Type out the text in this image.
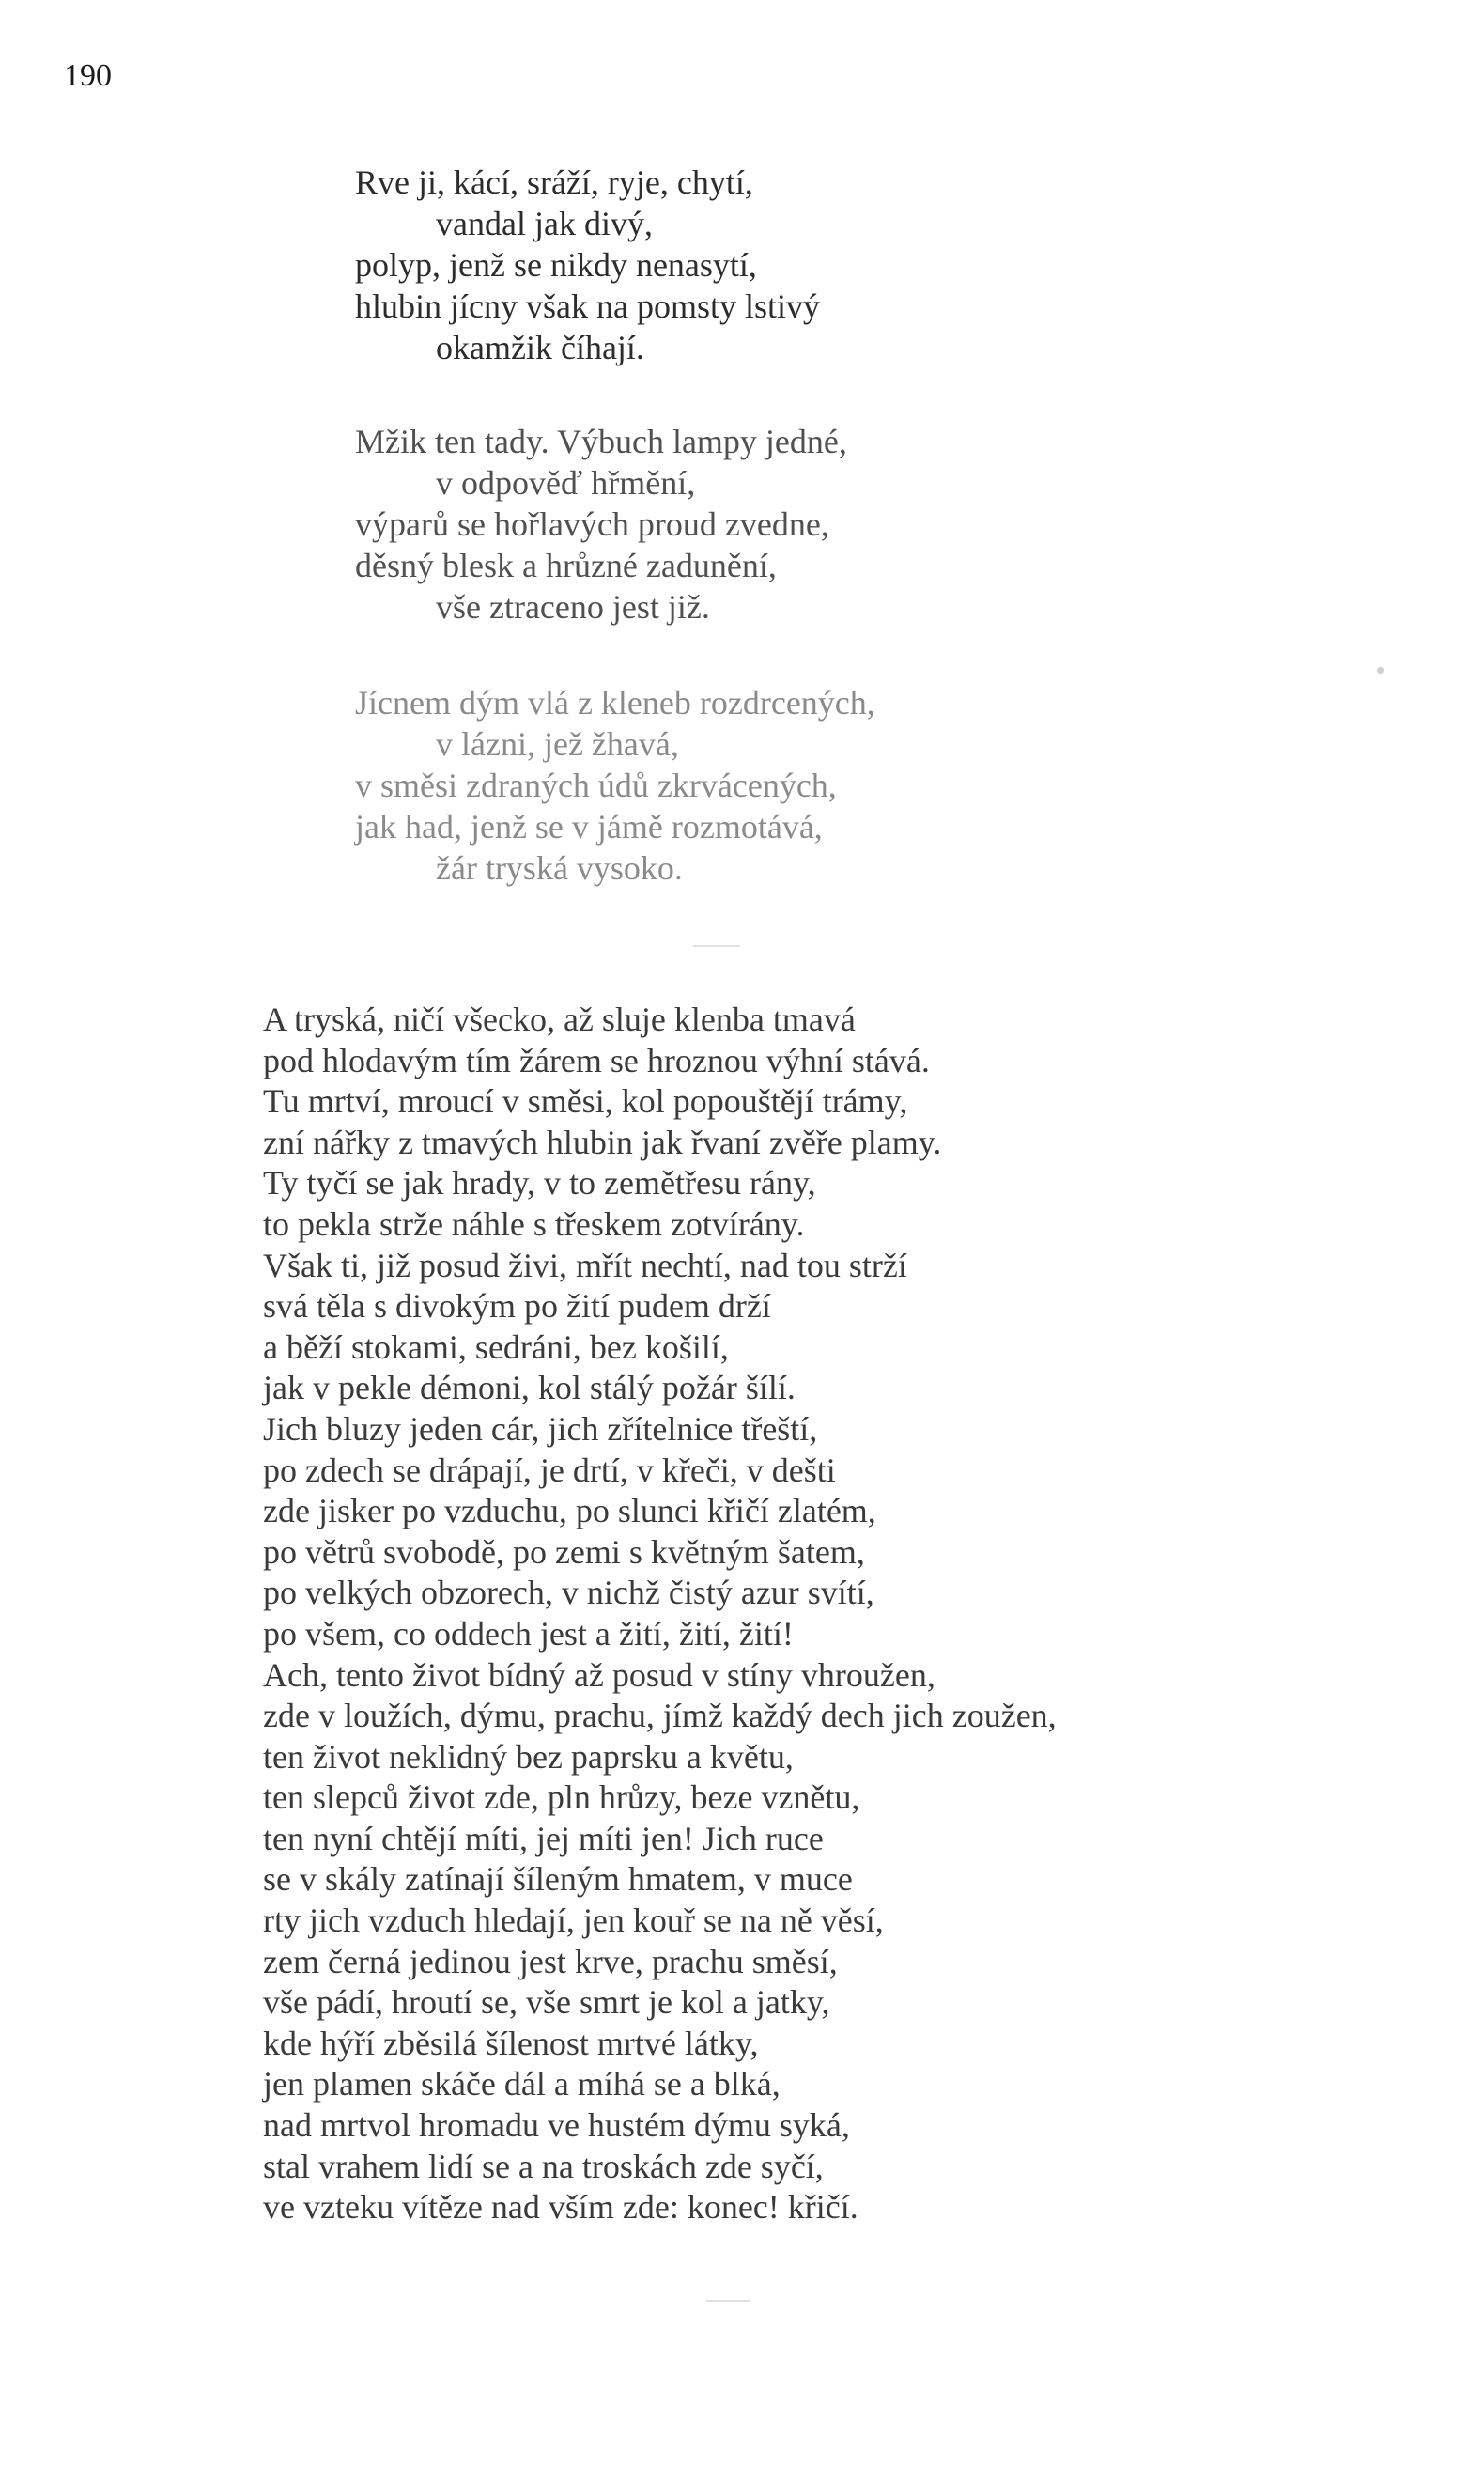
190
Rve ji, kácí, sráží, ryje, chytí,
vandal jak divý,
polyp, jenž se nikdy nenasytí,
hlubin jícny však na pomsty lstivý
okamžik číhají.
Mžik ten tady. Výbuch lampy jedné,
v odpověď hřmění,
výparů se hořlavých proud zvedne,
děsný blesk a hrůzné zadunění,
vše ztraceno jest již.
Jícnem dým vlá z kleneb rozdrcených,
v lázni, jež žhavá,
v směsi zdraných údů zkrvácených,
jak had, jenž se v jámě rozmotává,
žár tryská vysoko.
A tryská, ničí všecko, až sluje klenba tmavá
pod hlodavým tím žárem se hroznou výhní stává.
Tu mrtví, mroucí v směsi, kol popouštějí trámy,
zní nářky z tmavých hlubin jak řvaní zvěře plamy.
Ty tyčí se jak hrady, v to zemětřesu rány,
to pekla strže náhle s třeskem zotvírány.
Však ti, již posud živi, mřít nechtí, nad tou strží
svá těla s divokým po žití pudem drží
a běží stokami, sedráni, bez košilí,
jak v pekle démoni, kol stálý požár šílí.
Jich bluzy jeden cár, jich zřítelnice třeští,
po zdech se drápají, je drtí, v křeči, v dešti
zde jisker po vzduchu, po slunci křičí zlatém,
po větrů svobodě, po zemi s květným šatem,
po velkých obzorech, v nichž čistý azur svítí,
po všem, co oddech jest a žití, žití, žití!
Ach, tento život bídný až posud v stíny vhroužen,
zde v loužích, dýmu, prachu, jímž každý dech jich zoužen,
ten život neklidný bez paprsku a květu,
ten slepců život zde, pln hrůzy, beze vznětu,
ten nyní chtějí míti, jej míti jen! Jich ruce
se v skály zatínají šíleným hmatem, v muce
rty jich vzduch hledají, jen kouř se na ně věsí,
zem černá jedinou jest krve, prachu směsí,
vše pádí, hroutí se, vše smrt je kol a jatky,
kde hýří zběsilá šílenost mrtvé látky,
jen plamen skáče dál a míhá se a blká,
nad mrtvol hromadu ve hustém dýmu syká,
stal vrahem lidí se a na troskách zde syčí,
ve vzteku vítěze nad vším zde: konec! křičí.
